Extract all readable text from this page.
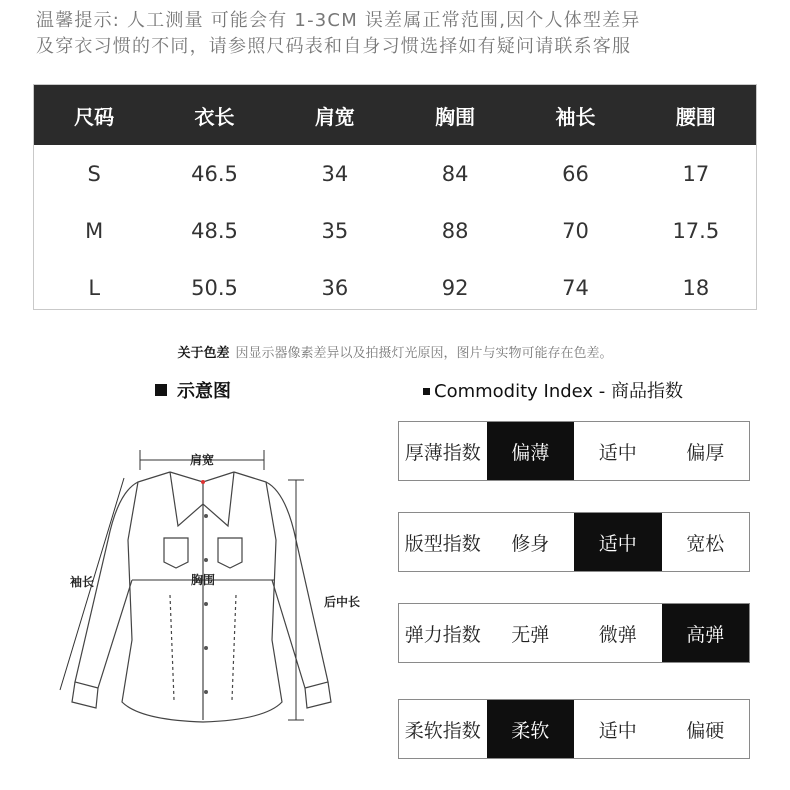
温馨提示: 人工测量 可能会有 1-3CM 误差属正常范围,因个人体型差异
及穿衣习惯的不同，请参照尺码表和自身习惯选择如有疑问请联系客服
尺码	衣长	肩宽	胸围	袖长	腰围
S	46.5	34	84	66	17
M	48.5	35	88	70	17.5
L	50.5	36	92	74	18
关于色差 因显示器像素差异以及拍摄灯光原因，图片与实物可能存在色差。
示意图	Commodity Index - 商品指数
肩宽
胸围
袖长
后中长
厚薄指数	偏薄	适中	偏厚
版型指数	修身	适中	宽松
弹力指数	无弹	微弹	高弹
柔软指数	柔软	适中	偏硬
